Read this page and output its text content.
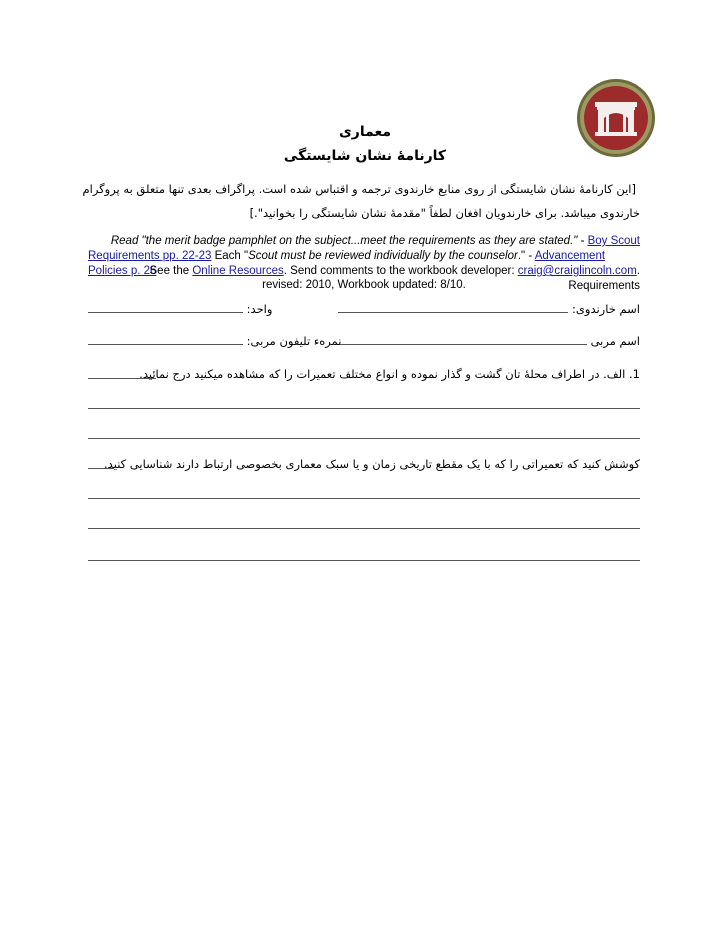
معماری
کارنامۀ نشان شایستگی
[این کارنامۀ نشان شایستگی از روی منابع خارندوی ترجمه و اقتباس شده است. پراگراف بعدی تنها متعلق به پروگرام
خارندوی میباشد. برای خارندویان افغان لطفاً "مقدمۀ نشان شایستگی را بخوانید".]
Read "the merit badge pamphlet on the subject...meet the requirements as they are stated." - Boy Scout
Requirements pp. 22-23 Each "Scout must be reviewed individually by the counselor." - Advancement Policies p. 26
See the Online Resources. Send comments to the workbook developer: craig@craiglincoln.com. Requirements
revised: 2010, Workbook updated: 8/10.
اسم خارندوی:
واحد:
اسم مربی
نمره‌ء تلیفون مربی:
1. الف. در اطراف محلۀ تان گشت و گذار نموده و انواع مختلف تعمیرات را که مشاهده میکنید درج نمائید.
کوشش کنید که تعمیراتی را که با یک مقطع تاریخی زمان و یا سبک معماری بخصوصی ارتباط دارند شناسایی کنید.
